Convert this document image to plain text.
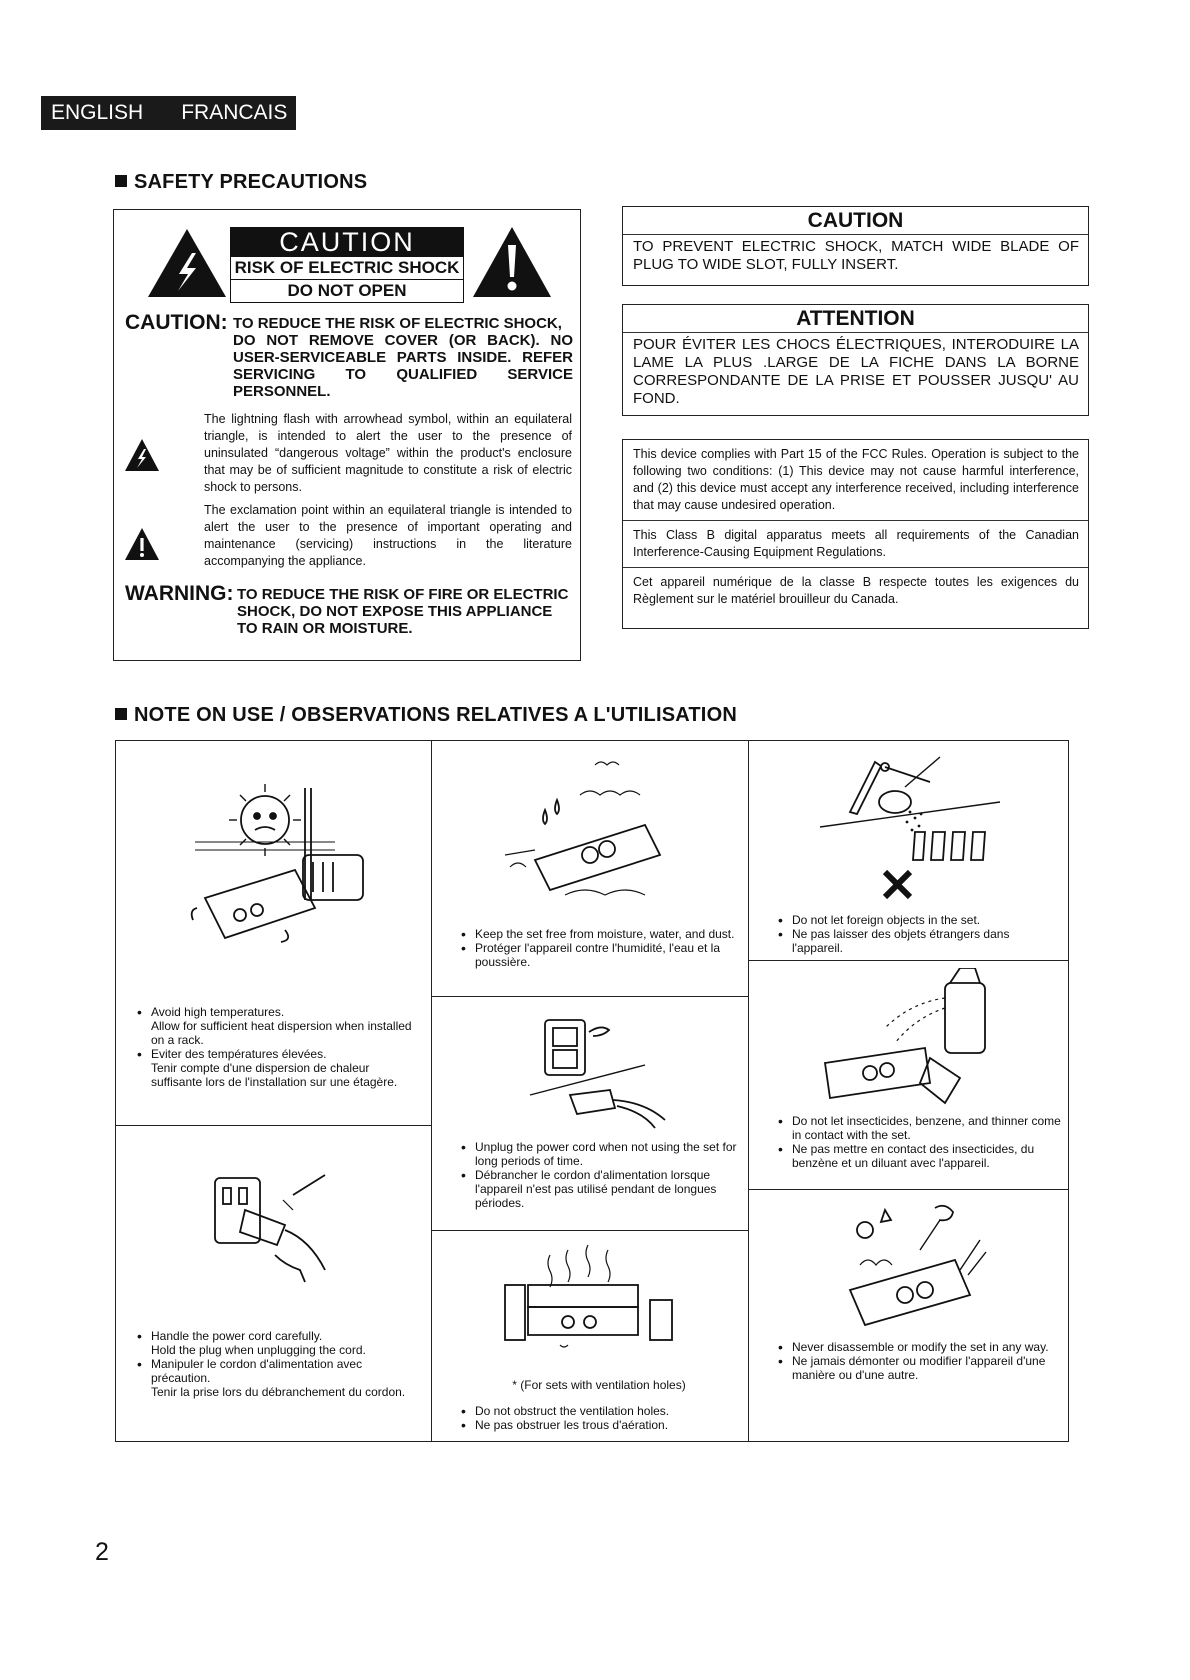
ENGLISH	FRANCAIS
SAFETY PRECAUTIONS
CAUTION
RISK OF ELECTRIC SHOCK
DO NOT OPEN
CAUTION: TO REDUCE THE RISK OF ELECTRIC SHOCK,
DO NOT REMOVE COVER (OR BACK). NO USER-SERVICEABLE PARTS INSIDE. REFER SERVICING TO QUALIFIED SERVICE PERSONNEL.
The lightning flash with arrowhead symbol, within an equilateral triangle, is intended to alert the user to the presence of uninsulated “dangerous voltage” within the product's enclosure that may be of sufficient magnitude to constitute a risk of electric shock to persons.
The exclamation point within an equilateral triangle is intended to alert the user to the presence of important operating and maintenance (servicing) instructions in the literature accompanying the appliance.
WARNING: TO REDUCE THE RISK OF FIRE OR ELECTRIC
SHOCK, DO NOT EXPOSE THIS APPLIANCE TO RAIN OR MOISTURE.
CAUTION
TO PREVENT ELECTRIC SHOCK, MATCH WIDE BLADE OF PLUG TO WIDE SLOT, FULLY INSERT.
ATTENTION
POUR ÉVITER LES CHOCS ÉLECTRIQUES, INTERODUIRE LA LAME LA PLUS .LARGE DE LA FICHE DANS LA BORNE CORRESPONDANTE DE LA PRISE ET POUSSER JUSQU' AU FOND.

This device complies with Part 15 of the FCC Rules. Operation is subject to the following two conditions: (1) This device may not cause harmful interference, and (2) this device must accept any interference received, including interference that may cause undesired operation.

This Class B digital apparatus meets all requirements of the Canadian Interference-Causing Equipment Regulations.

Cet appareil numérique de la classe B respecte toutes les exigences du Règlement sur le matériel brouilleur du Canada.

NOTE ON USE / OBSERVATIONS RELATIVES A L'UTILISATION
• Avoid high temperatures.
Allow for sufficient heat dispersion when installed on a rack.
• Eviter des températures élevées.
Tenir compte d'une dispersion de chaleur suffisante lors de l'installation sur une étagère.
• Handle the power cord carefully.
Hold the plug when unplugging the cord.
• Manipuler le cordon d'alimentation avec précaution.
Tenir la prise lors du débranchement du cordon.
• Keep the set free from moisture, water, and dust.
• Protéger l'appareil contre l'humidité, l'eau et la poussière.
• Unplug the power cord when not using the set for long periods of time.
• Débrancher le cordon d'alimentation lorsque l'appareil n'est pas utilisé pendant de longues périodes.
* (For sets with ventilation holes)
• Do not obstruct the ventilation holes.
• Ne pas obstruer les trous d'aération.
• Do not let foreign objects in the set.
• Ne pas laisser des objets étrangers dans l'appareil.
• Do not let insecticides, benzene, and thinner come in contact with the set.
• Ne pas mettre en contact des insecticides, du benzène et un diluant avec l'appareil.
• Never disassemble or modify the set in any way.
• Ne jamais démonter ou modifier l'appareil d'une manière ou d'une autre.
2
